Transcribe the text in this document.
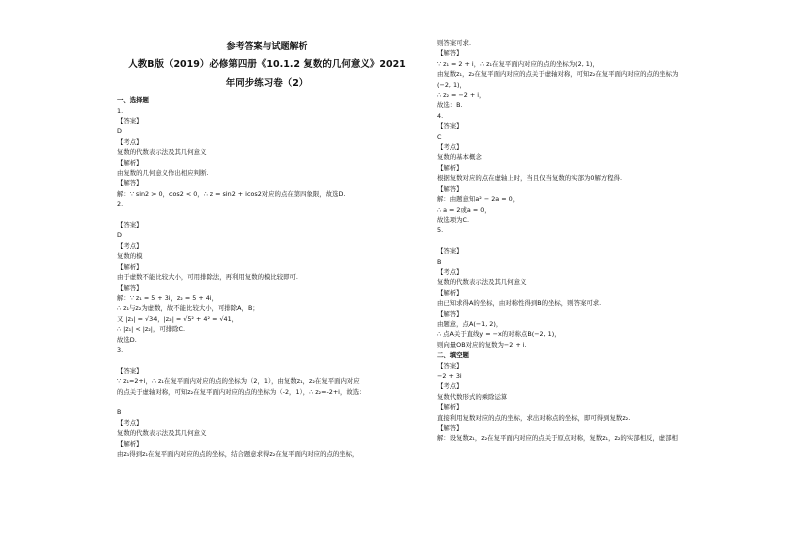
参考答案与试题解析
人教B版（2019）必修第四册《10.1.2 复数的几何意义》2021
年同步练习卷（2）
一、选择题
1.
【答案】
D
【考点】
复数的代数表示法及其几何意义
【解析】
由复数的几何意义作出相应判断.
【解答】
解：∵ sin2 > 0，cos2 < 0，∴ z = sin2 + icos2对应的点在第四象限，故选D.
2.
【答案】
D
【考点】
复数的模
【解析】
由于虚数不能比较大小，可用排除法，再利用复数的模比较即可.
【解答】
解：∵ z₁ = 5 + 3i，z₂ = 5 + 4i，
∴ z₁与z₂为虚数，故不能比较大小，可排除A，B；
又 |z₁| = √34，|z₂| = √5² + 4² = √41，
∴ |z₁| < |z₂|，可排除C.
故选D.
3.
【答案】
∵ z₁=2+i，∴ z₁在复平面内对应的点的坐标为（2，1），由复数z₁，z₂在复平面内对应
的点关于虚轴对称，可知z₂在复平面内对应的点的坐标为（-2，1），∴ z₂=-2+i，故选：
B
【考点】
复数的代数表示法及其几何意义
【解析】
由z₁得到z₁在复平面内对应的点的坐标，结合题意求得z₂在复平面内对应的点的坐标，
则答案可求.
【解答】
∵ z₁ = 2 + i，∴ z₁在复平面内对应的点的坐标为(2, 1)，
由复数z₁，z₂在复平面内对应的点关于虚轴对称，可知z₂在复平面内对应的点的坐标为
(−2, 1)，
∴ z₂ = −2 + i，
故选：B.
4.
【答案】
C
【考点】
复数的基本概念
【解析】
根据复数对应的点在虚轴上时，当且仅当复数的实部为0解方程得.
【解答】
解：由题意知a² − 2a = 0，
∴ a = 2或a = 0，
故选项为C.
5.
【答案】
B
【考点】
复数的代数表示法及其几何意义
【解析】
由已知求得A的坐标，由对称性得到B的坐标，则答案可求.
【解答】
由题意，点A(−1, 2)，
∴ 点A关于直线y = −x的对称点B(−2, 1)，
则向量OB对应的复数为−2 + i.
二、填空题
【答案】
−2 + 3i
【考点】
复数代数形式的乘除运算
【解析】
直接利用复数对应的点的坐标，求出对称点的坐标，即可得到复数z₂.
【解答】
解：设复数z₁，z₂在复平面内对应的点关于原点对称，复数z₁，z₂的实部相反，虚部相
